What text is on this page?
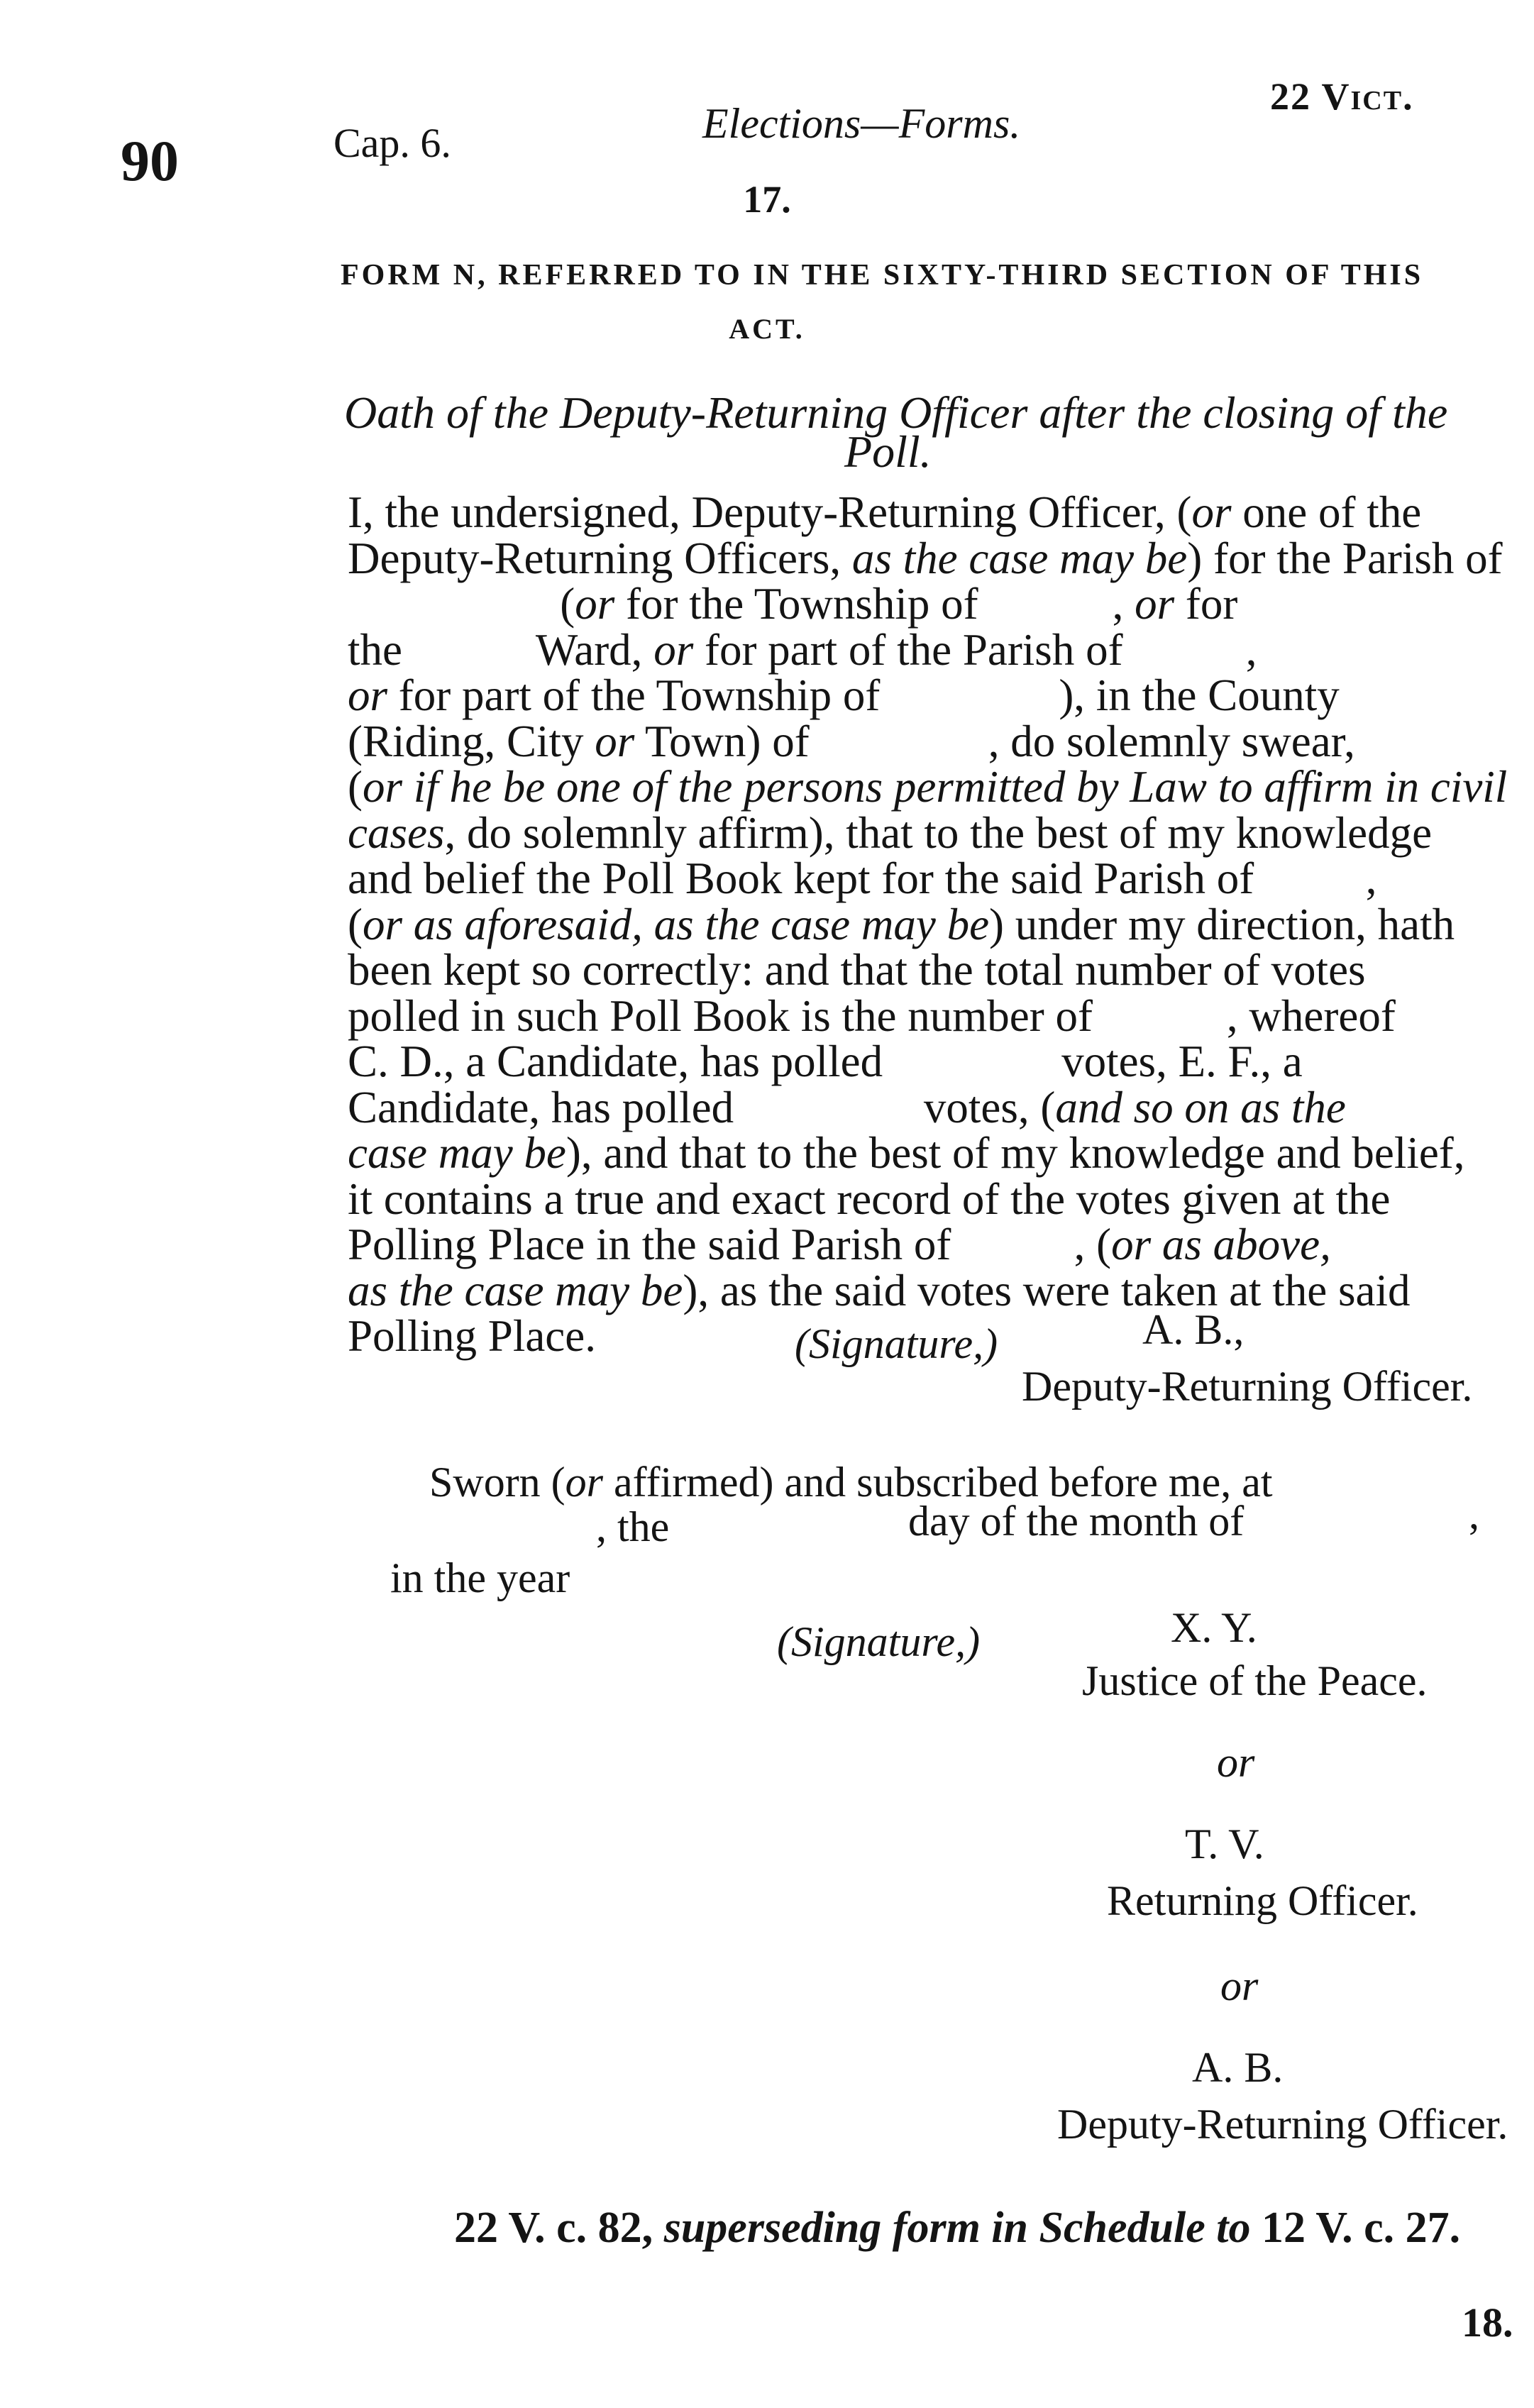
90	Cap. 6.	Elections—Forms.
22 Vict.
17.
FORM N, REFERRED TO IN THE SIXTY-THIRD SECTION OF THIS
ACT.
Oath of the Deputy-Returning Officer after the closing of the
Poll.
I, the undersigned, Deputy-Returning Officer, (or one of the
Deputy-Returning Officers, as the case may be) for the Parish of
(or for the Township of            , or for
the            Ward, or for part of the Parish of           ,
or for part of the Township of                ), in the County
(Riding, City or Town) of                , do solemnly swear,
(or if he be one of the persons permitted by Law to affirm in civil
cases, do solemnly affirm), that to the best of my knowledge
and belief the Poll Book kept for the said Parish of          ,
(or as aforesaid, as the case may be) under my direction, hath
been kept so correctly: and that the total number of votes
polled in such Poll Book is the number of            , whereof
C. D., a Candidate, has polled                votes, E. F., a
Candidate, has polled                 votes, (and so on as the
case may be), and that to the best of my knowledge and belief,
it contains a true and exact record of the votes given at the
Polling Place in the said Parish of           , (or as above,
as the case may be), as the said votes were taken at the said
Polling Place.	(Signature,)	A. B.,
Deputy-Returning Officer.
Sworn (or affirmed) and subscribed before me, at
, the	day of the month of	,
in the year
(Signature,)	X. Y.
Justice of the Peace.
or
T. V.
Returning Officer.
or
A. B.
Deputy-Returning Officer.
22 V. c. 82, superseding form in Schedule to 12 V. c. 27.
18.
